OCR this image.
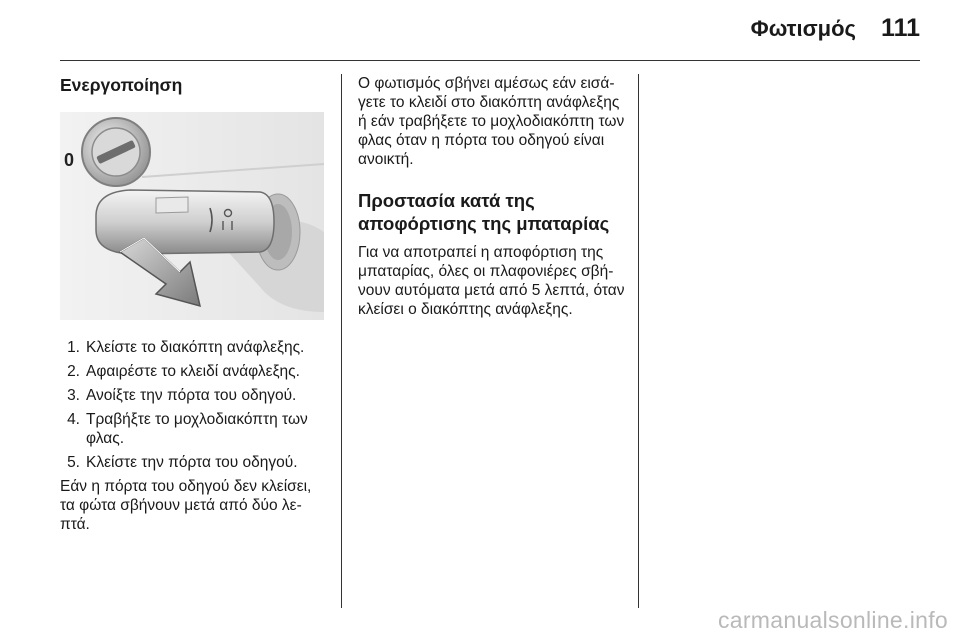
Φωτισμός 111
Ενεργοποίηση
0
1. Κλείστε το διακόπτη ανάφλεξης.
2. Αφαιρέστε το κλειδί ανάφλεξης.
3. Ανοίξτε την πόρτα του οδηγού.
4. Τραβήξτε το μοχλοδιακόπτη των φλας.
5. Κλείστε την πόρτα του οδηγού.

Εάν η πόρτα του οδηγού δεν κλείσει, τα φώτα σβήνουν μετά από δύο λε-πτά.

Ο φωτισμός σβήνει αμέσως εάν εισά-γετε το κλειδί στο διακόπτη ανάφλεξης ή εάν τραβήξετε το μοχλοδιακόπτη των φλας όταν η πόρτα του οδηγού είναι ανοικτή.

Προστασία κατά της αποφόρτισης της μπαταρίας

Για να αποτραπεί η αποφόρτιση της μπαταρίας, όλες οι πλαφονιέρες σβή-νουν αυτόματα μετά από 5 λεπτά, όταν κλείσει ο διακόπτης ανάφλεξης.

carmanualsonline.info
